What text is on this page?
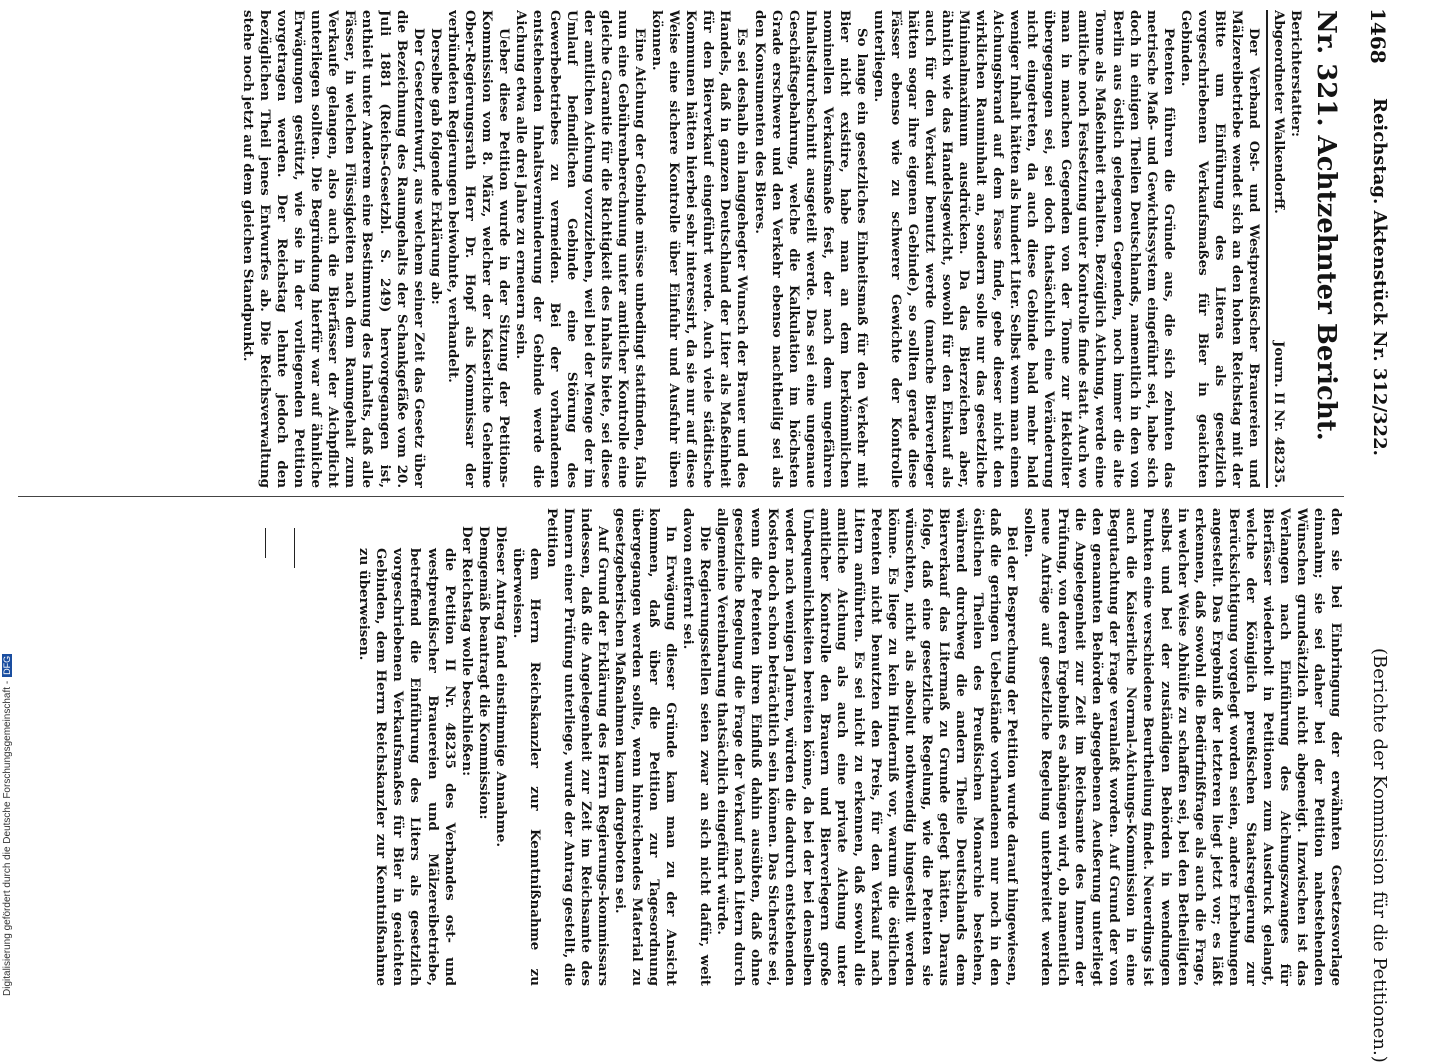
1468
Reichstag. Aktenstück Nr. 312/322.
(Berichte der Kommission für die Petitionen.)
Nr. 321. Achtzehnter Bericht.
Berichterstatter:
Abgeordneter Walkendorff.
Journ. II Nr. 48235.

Der Verband Ost- und Westpreußischer Brauereien und Mälzereibetriebe wendet sich an den hohen Reichstag mit der Bitte um Einführung des Literas als gesetzlich vorgeschriebenen Verkaufsmaßes für Bier in geaichten Gebinden.

Petenten führen die Gründe aus, die sich zehnten das metrische Maß- und Gewichtssystem eingeführt sei, habe sich doch in einigen Theilen Deutschlands, namentlich in den von Berlin aus östlich gelegenen Gegenden, noch immer die alte Tonne als Maßeinheit erhalten. Bezüglich Aichung, werde eine amtliche noch Festsetzung unter Kontrolle finde statt. Auch wo man in manchen Gegenden von der Tonne zur Hektoliter übergegangen sei, sei doch thatsächlich eine Veränderung nicht eingetreten, da auch diese Gebinde bald mehr bald weniger Inhalt hätten als hundert Liter. Selbst wenn man einen Aichungsbrand auf dem Fasse finde, gebe dieser nicht den wirklichen Rauminhalt an, sondern solle nur das gesetzliche Minimalmaximum ausdrücken. Da das Bierzeichen aber, ähnlich wie das Handelsgewicht, sowohl für den Einkauf als auch für den Verkauf benutzt werde (manche Bierverleger hätten sogar ihre eigenen Gebinde), so sollten gerade diese Fässer ebenso wie zu schwerer Gewichte der Kontrolle unterliegen.

So lange ein gesetzliches Einheitsmaß für den Verkehr mit Bier nicht existire, habe man an dem herkömmlichen nominellen Verkaufsmaße fest, der nach dem ungefähren Inhaltsdurchschnitt ausgeteilt werde. Das sei eine ungenaue Geschäftsgebahrung, welche die Kalkulation im höchsten Grade erschwere und den Verkehr ebenso nachtheilig sei als den Konsumenten des Bieres.

Es sei deshalb ein langgehegter Wunsch der Brauer und des Handels, daß in ganzen Deutschland der Liter als Maßeinheit für den Bierverkauf eingeführt werde. Auch viele städtische Kommunen hätten hierbei sehr interessirt, da sie nur auf diese Weise eine sichere Kontrolle über Einfuhr und Ausfuhr üben können.

Eine Aichung der Gebinde müsse unbedingt stattfinden, falls nun eine Gebührenberechnung unter amtlicher Kontrolle eine gleiche Garantie für die Richtigkeit des Inhalts biete, sei diese der amtlichen Aichung vorzuziehen, weil bei der Menge der im Umlauf befindlichen Gebinde eine Störung des Gewerbebetriebes zu vermeiden. Bei der vorhandenen entstehenden Inhaltsverminderung der Gebinde werde die Aichung etwa alle drei Jahre zu erneuern sein.

Ueber diese Petition wurde in der Sitzung der Petitions-Kommission vom 8. März, welcher der Kaiserliche Geheime Ober-Regierungsrath Herr Dr. Hopf als Kommissar der verbündeten Regierungen beiwohnte, verhandelt.

Derselbe gab folgende Erklärung ab:

Der Gesetzentwurf, aus welchem seiner Zeit das Gesetz über die Bezeichnung des Raumgehalts der Schankgefäße vom 20. Juli 1881 (Reichs-Gesetzbl. S. 249) hervorgegangen ist, enthielt unter Anderem eine Bestimmung des Inhalts, daß alle Fässer, in welchen Flüssigkeiten nach dem Raumgehalt zum Verkaufe gelangen, also auch die Bierfässer der Aichpflicht unterliegen sollten. Die Begründung hierfür war auf ähnliche Erwägungen gestützt, wie sie in der vorliegenden Petition vorgetragen werden. Der Reichstag lehnte jedoch den bezüglichen Theil jenes Entwurfes ab. Die Reichsverwaltung stehe noch jetzt auf dem gleichen Standpunkt.

den sie bei Einbringung der erwähnten Gesetzesvorlage einnahm; sie sei daher bei der Petition nahestehenden Wünschen grundsätzlich nicht abgeneigt. Inzwischen ist das Verlangen nach Einführung des Aichungszwanges für Bierfässer wiederholt in Petitionen zum Ausdruck gelangt, welche der Königlich preußischen Staatsregierung zur Berücksichtigung vorgelegt worden seien, andere Erhebungen angestellt. Das Ergebniß der letzteren liegt jetzt vor; es läßt erkennen, daß sowohl die Bedürfnißfrage als auch die Frage, in welcher Weise Abhülfe zu schaffen sei, bei den Betheiligten selbst und bei der zuständigen Behörden in wendungen Punkten eine verschiedene Beurtheilung findet. Neuerdings ist auch die Kaiserliche Normal-Aichungs-Kommission in eine Begutachtung der Frage veranlaßt worden. Auf Grund der von den genannten Behörden abgegebenen Aeußerung unterliegt die Angelegenheit zur Zeit im Reichsamte des Innern der Prüfung, von deren Ergebniß es abhängen wird, ob namentlich neue Anträge auf gesetzliche Regelung unterbreitet werden sollen.

Bei der Besprechung der Petition wurde darauf hingewiesen, daß die geringen Uebelstände vorhandenen nur noch in den östlichen Theilen des Preußischen Monarchie bestehen, während durchweg die andern Theile Deutschlands dem Bierverkauf das Litermaß zu Grunde gelegt hätten. Daraus folge, daß eine gesetzliche Regelung, wie die Petenten sie wünschten, nicht als absolut nothwendig hingestellt werden könne. Es liege zu kein Hinderniß vor, warum die östlichen Petenten nicht benutzten den Preis, für den Verkauf nach Litern anführten. Es sei nicht zu erkennen, daß sowohl die amtliche Aichung als auch eine private Aichung unter amtlicher Kontrolle den Brauern und Bierverlegern große Unbequemlichkeiten bereiten könne, da bei der bei denselben weder nach wenigen Jahren, würden die dadurch entstehenden Kosten doch schon beträchtlich sein können. Das Sicherste sei, wenn die Petenten ihren Einfluß dahin ausübten, daß ohne gesetzliche Regelung die Frage der Verkauf nach Litern durch allgemeine Vereinbarung thatsächlich eingeführt würde.

Die Regierungsstellen seien zwar an sich nicht dafür, weit davon entfernt sei.

In Erwägung dieser Gründe kam man zu der Ansicht kommen, daß über die Petition zur Tagesordnung übergegangen werden sollte, wenn hinreichendes Material zu gesetzgeberischen Maßnahmen kaum dargeboten sei.

Auf Grund der Erklärung des Herrn Regierungs-kommissars indessen, daß die Angelegenheit zur Zeit im Reichsamte des Innern einer Prüfung unterliege, wurde der Antrag gestellt, die Petition

dem Herrn Reichskanzler zur Kenntnißnahme zu überweisen.

Dieser Antrag fand einstimmige Annahme.

Demgemäß beantragt die Kommission:

Der Reichstag wolle beschließen:

die Petition II Nr. 48235 des Verbandes ost- und westpreußischer Brauereien und Mälzereibetriebe, betreffend die Einführung des Liters als gesetzlich vorgeschriebenen Verkaufsmaßes für Bier in geaichten Gebinden, dem Herrn Reichskanzler zur Kenntnißnahme zu überweisen.

Digitalisierung gefördert durch die Deutsche Forschungsgemeinschaft -DFG
